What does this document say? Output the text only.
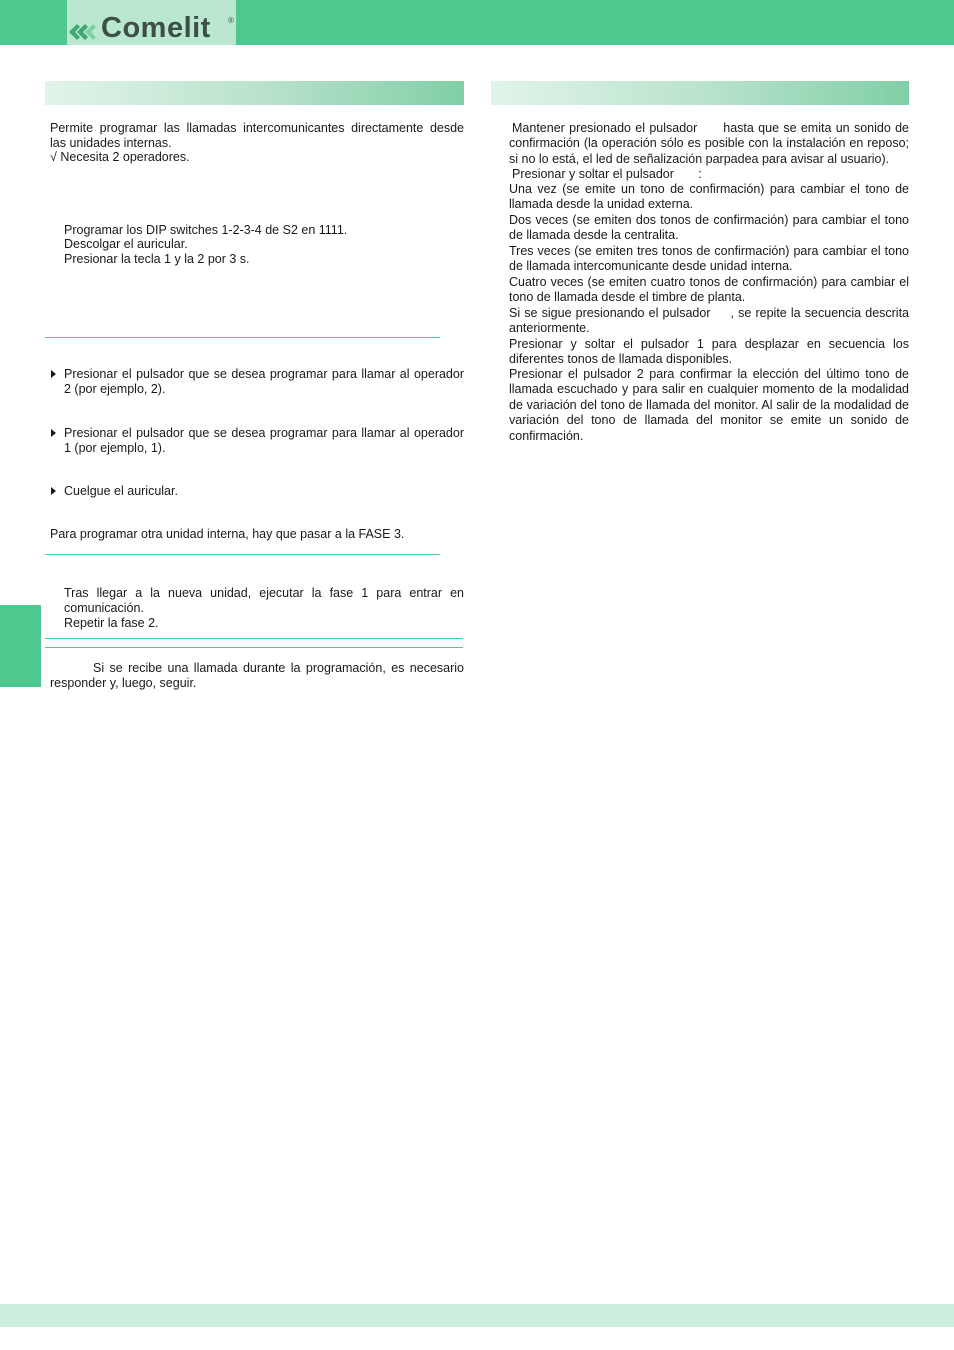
Comelit ®
Permite programar las llamadas intercomunicantes directamente desde las unidades internas.
√ Necesita 2 operadores.
Programar los DIP switches 1-2-3-4 de S2 en 1111.
Descolgar el auricular.
Presionar la tecla 1 y la 2 por 3 s.
Presionar el pulsador que se desea programar para llamar al operador 2 (por ejemplo, 2).
Presionar el pulsador que se desea programar para llamar al operador 1 (por ejemplo, 1).
Cuelgue el auricular.
Para programar otra unidad interna, hay que pasar a la FASE 3.
Tras llegar a la nueva unidad, ejecutar la fase 1 para entrar en comunicación.
Repetir la fase 2.
Si se recibe una llamada durante la programación, es necesario responder y, luego, seguir.
Mantener presionado el pulsador hasta que se emita un sonido de confirmación (la operación sólo es posible con la instalación en reposo; si no lo está, el led de señalización parpadea para avisar al usuario).
Presionar y soltar el pulsador       :
Una vez (se emite un tono de confirmación) para cambiar el tono de llamada desde la unidad externa.
Dos veces (se emiten dos tonos de confirmación) para cambiar el tono de llamada desde la centralita.
Tres veces (se emiten tres tonos de confirmación) para cambiar el tono de llamada intercomunicante desde unidad interna.
Cuatro veces (se emiten cuatro tonos de confirmación) para cambiar el tono de llamada desde el timbre de planta.
Si se sigue presionando el pulsador , se repite la secuencia descrita anteriormente.
Presionar y soltar el pulsador 1 para desplazar en secuencia los diferentes tonos de llamada disponibles.
Presionar el pulsador 2 para confirmar la elección del último tono de llamada escuchado y para salir en cualquier momento de la modalidad de variación del tono de llamada del monitor. Al salir de la modalidad de variación del tono de llamada del monitor se emite un sonido de confirmación.
